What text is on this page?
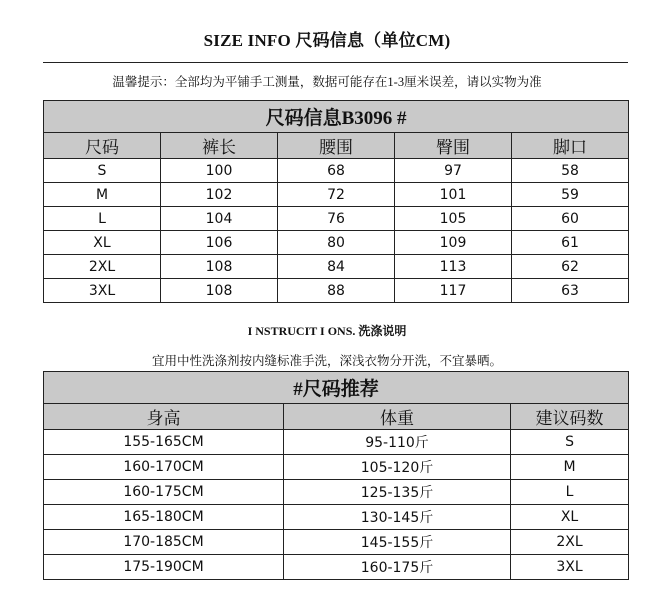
SIZE INFO 尺码信息（单位CM)
温馨提示：全部均为平铺手工测量，数据可能存在1-3厘米误差，请以实物为准
尺码信息B3096 #				
尺码	裤长	腰围	臀围	脚口
S	100	68	97	58
M	102	72	101	59
L	104	76	105	60
XL	106	80	109	61
2XL	108	84	113	62
3XL	108	88	117	63
I NSTRUCIT I ONS. 洗涤说明
宜用中性洗涤剂按内缝标准手洗，深浅衣物分开洗，不宜暴晒。
#尺码推荐		
身高	体重	建议码数
155-165CM	95-110斤	S
160-170CM	105-120斤	M
160-175CM	125-135斤	L
165-180CM	130-145斤	XL
170-185CM	145-155斤	2XL
175-190CM	160-175斤	3XL
